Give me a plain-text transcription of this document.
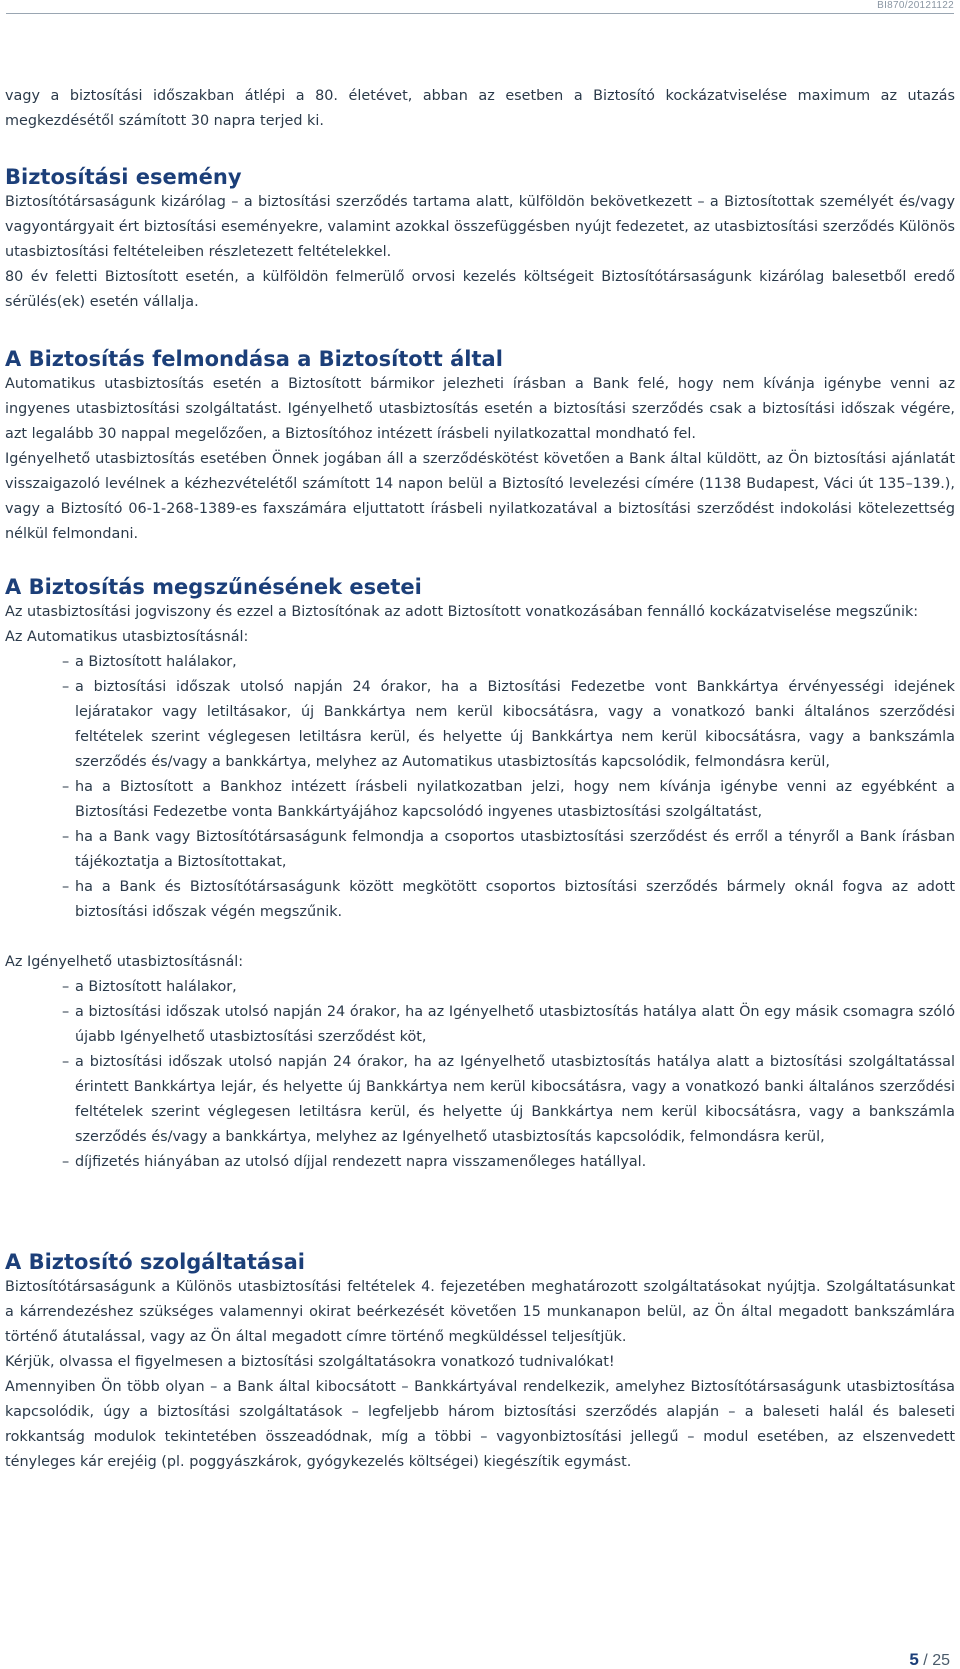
BI870/20121122

vagy a biztosítási időszakban átlépi a 80. életévet, abban az esetben a Biztosító kockázatviselése maximum az utazás megkezdésétől számított 30 napra terjed ki.

Biztosítási esemény

Biztosítótársaságunk kizárólag – a biztosítási szerződés tartama alatt, külföldön bekövetkezett – a Biztosítottak személyét és/vagy vagyontárgyait ért biztosítási eseményekre, valamint azokkal összefüggésben nyújt fedezetet, az utasbiztosítási szerződés Különös utasbiztosítási feltételeiben részletezett feltételekkel.

80 év feletti Biztosított esetén, a külföldön felmerülő orvosi kezelés költségeit Biztosítótársaságunk kizárólag balesetből eredő sérülés(ek) esetén vállalja.

A Biztosítás felmondása a Biztosított által

Automatikus utasbiztosítás esetén a Biztosított bármikor jelezheti írásban a Bank felé, hogy nem kívánja igénybe venni az ingyenes utasbiztosítási szolgáltatást. Igényelhető utasbiztosítás esetén a biztosítási szerződés csak a biztosítási időszak végére, azt legalább 30 nappal megelőzően, a Biztosítóhoz intézett írásbeli nyilatkozattal mondható fel.

Igényelhető utasbiztosítás esetében Önnek jogában áll a szerződéskötést követően a Bank által küldött, az Ön biztosítási ajánlatát visszaigazoló levélnek a kézhezvételétől számított 14 napon belül a Biztosító levelezési címére (1138 Budapest, Váci út 135–139.), vagy a Biztosító 06-1-268-1389-es faxszámára eljuttatott írásbeli nyilatkozatával a biztosítási szerződést indokolási kötelezettség nélkül felmondani.

A Biztosítás megszűnésének esetei

Az utasbiztosítási jogviszony és ezzel a Biztosítónak az adott Biztosított vonatkozásában fennálló kockázatviselése megszűnik:

Az Automatikus utasbiztosításnál:

– a Biztosított halálakor,
– a biztosítási időszak utolsó napján 24 órakor, ha a Biztosítási Fedezetbe vont Bankkártya érvényességi idejének lejáratakor vagy letiltásakor, új Bankkártya nem kerül kibocsátásra, vagy a vonatkozó banki általános szerződési feltételek szerint véglegesen letiltásra kerül, és helyette új Bankkártya nem kerül kibocsátásra, vagy a bankszámla szerződés és/vagy a bankkártya, melyhez az Automatikus utasbiztosítás kapcsolódik, felmondásra kerül,
– ha a Biztosított a Bankhoz intézett írásbeli nyilatkozatban jelzi, hogy nem kívánja igénybe venni az egyébként a Biztosítási Fedezetbe vonta Bankkártyájához kapcsolódó ingyenes utasbiztosítási szolgáltatást,
– ha a Bank vagy Biztosítótársaságunk felmondja a csoportos utasbiztosítási szerződést és erről a tényről a Bank írásban tájékoztatja a Biztosítottakat,
– ha a Bank és Biztosítótársaságunk között megkötött csoportos biztosítási szerződés bármely oknál fogva az adott biztosítási időszak végén megszűnik.

Az Igényelhető utasbiztosításnál:

– a Biztosított halálakor,
– a biztosítási időszak utolsó napján 24 órakor, ha az Igényelhető utasbiztosítás hatálya alatt Ön egy másik csomagra szóló újabb Igényelhető utasbiztosítási szerződést köt,
– a biztosítási időszak utolsó napján 24 órakor, ha az Igényelhető utasbiztosítás hatálya alatt a biztosítási szolgáltatással érintett Bankkártya lejár, és helyette új Bankkártya nem kerül kibocsátásra, vagy a vonatkozó banki általános szerződési feltételek szerint véglegesen letiltásra kerül, és helyette új Bankkártya nem kerül kibocsátásra, vagy a bankszámla szerződés és/vagy a bankkártya, melyhez az Igényelhető utasbiztosítás kapcsolódik, felmondásra kerül,
– díjfizetés hiányában az utolsó díjjal rendezett napra visszamenőleges hatállyal.
A Biztosító szolgáltatásai

Biztosítótársaságunk a Különös utasbiztosítási feltételek 4. fejezetében meghatározott szolgáltatásokat nyújtja. Szolgáltatásunkat a kárrendezéshez szükséges valamennyi okirat beérkezését követően 15 munkanapon belül, az Ön által megadott bankszámlára történő átutalással, vagy az Ön által megadott címre történő megküldéssel teljesítjük.

Kérjük, olvassa el figyelmesen a biztosítási szolgáltatásokra vonatkozó tudnivalókat!

Amennyiben Ön több olyan – a Bank által kibocsátott – Bankkártyával rendelkezik, amelyhez Biztosítótársaságunk utasbiztosítása kapcsolódik, úgy a biztosítási szolgáltatások – legfeljebb három biztosítási szerződés alapján – a baleseti halál és baleseti rokkantság modulok tekintetében összeadódnak, míg a többi – vagyonbiztosítási jellegű – modul esetében, az elszenvedett tényleges kár erejéig (pl. poggyászkárok, gyógykezelés költségei) kiegészítik egymást.

5 / 25
